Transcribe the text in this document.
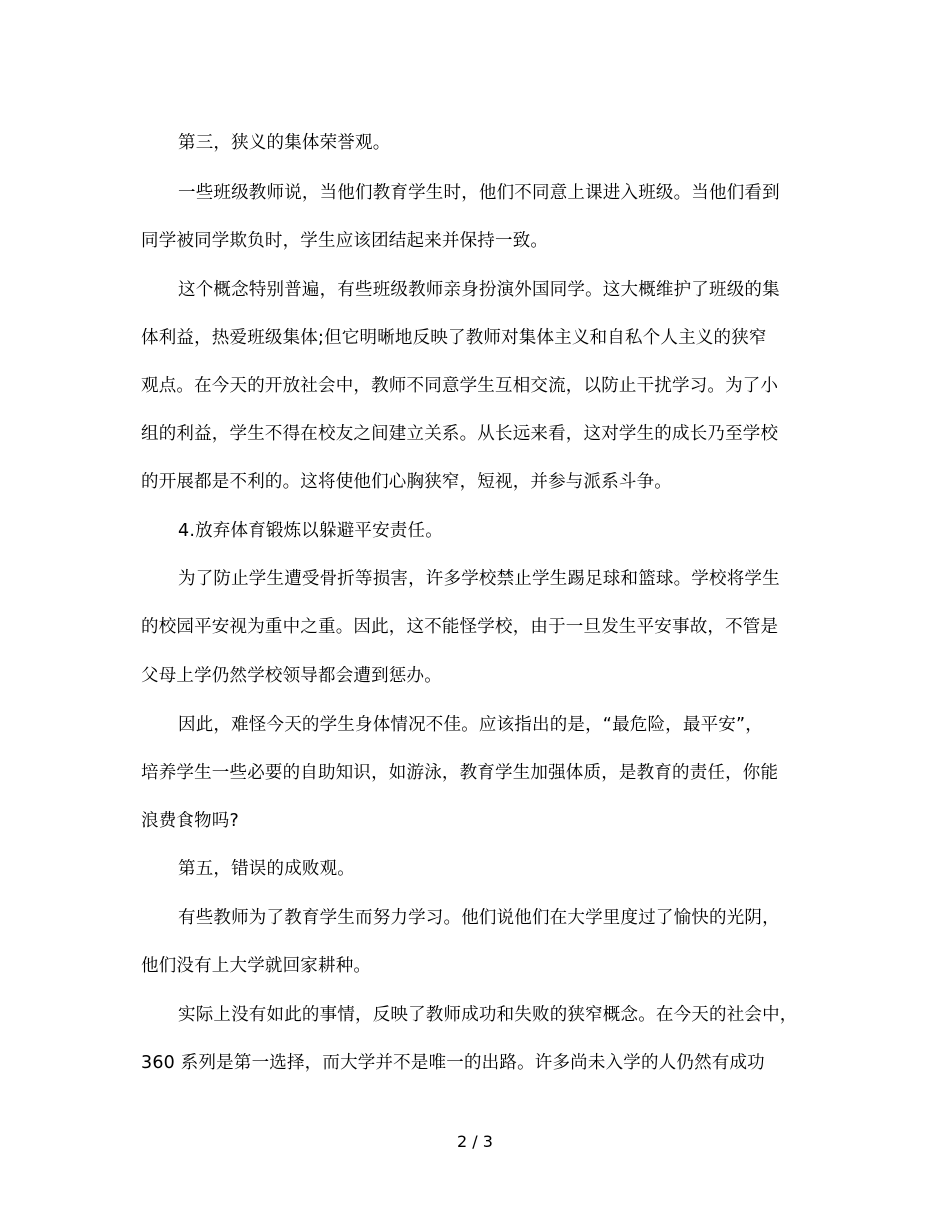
第三，狭义的集体荣誉观。
一些班级教师说，当他们教育学生时，他们不同意上课进入班级。当他们看到
同学被同学欺负时，学生应该团结起来并保持一致。
这个概念特别普遍，有些班级教师亲身扮演外国同学。这大概维护了班级的集
体利益，热爱班级集体;但它明晰地反映了教师对集体主义和自私个人主义的狭窄
观点。在今天的开放社会中，教师不同意学生互相交流，以防止干扰学习。为了小
组的利益，学生不得在校友之间建立关系。从长远来看，这对学生的成长乃至学校
的开展都是不利的。这将使他们心胸狭窄，短视，并参与派系斗争。
4.放弃体育锻炼以躲避平安责任。
为了防止学生遭受骨折等损害，许多学校禁止学生踢足球和篮球。学校将学生
的校园平安视为重中之重。因此，这不能怪学校，由于一旦发生平安事故，不管是
父母上学仍然学校领导都会遭到惩办。
因此，难怪今天的学生身体情况不佳。应该指出的是，“最危险，最平安”，
培养学生一些必要的自助知识，如游泳，教育学生加强体质，是教育的责任，你能
浪费食物吗?
第五，错误的成败观。
有些教师为了教育学生而努力学习。他们说他们在大学里度过了愉快的光阴，
他们没有上大学就回家耕种。
实际上没有如此的事情，反映了教师成功和失败的狭窄概念。在今天的社会中，
360 系列是第一选择，而大学并不是唯一的出路。许多尚未入学的人仍然有成功
2 / 3
